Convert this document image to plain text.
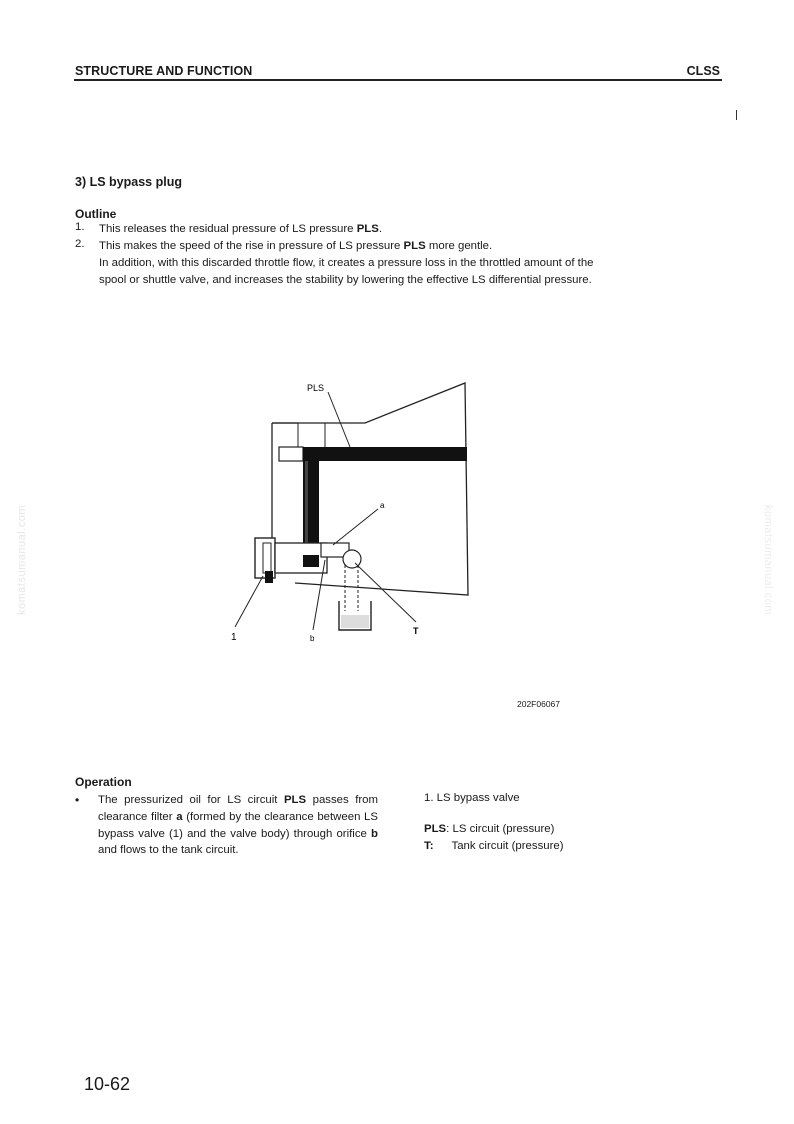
STRUCTURE AND FUNCTION	CLSS
komatsumanual.com	komatsumanual.com
3) LS bypass plug
Outline
1. This releases the residual pressure of LS pressure PLS.
2. This makes the speed of the rise in pressure of LS pressure PLS more gentle.
In addition, with this discarded throttle flow, it creates a pressure loss in the throttled amount of the
spool or shuttle valve, and increases the stability by lowering the effective LS differential pressure.
PLS
a
1	b
T
202F06067
Operation
• The pressurized oil for LS circuit PLS passes from clearance filter a (formed by the clearance between LS bypass valve (1) and the valve body) through orifice b and flows to the tank circuit.
1. LS bypass valve
PLS: LS circuit (pressure)
T: Tank circuit (pressure)
10-62
